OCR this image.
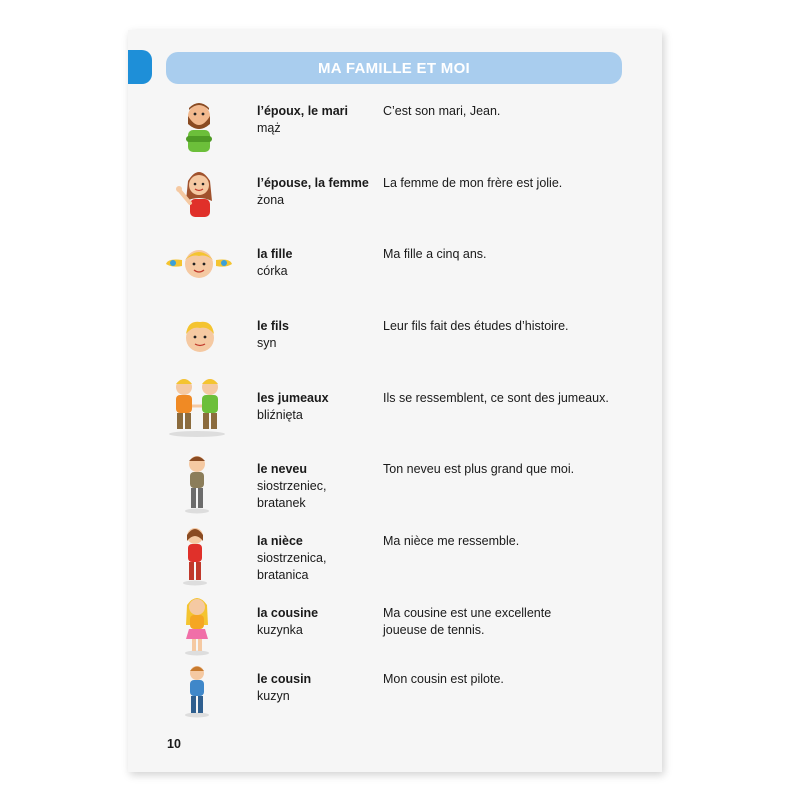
MA FAMILLE ET MOI
l’époux, le mari
mąż
C’est son mari, Jean.
l’épouse, la femme
żona
La femme de mon frère est jolie.
la fille
córka
Ma fille a cinq ans.
le fils
syn
Leur fils fait des études d’histoire.
les jumeaux
bliźnięta
Ils se ressemblent, ce sont des jumeaux.
le neveu
siostrzeniec,
bratanek
Ton neveu est plus grand que moi.
la nièce
siostrzenica,
bratanica
Ma nièce me ressemble.
la cousine
kuzynka
Ma cousine est une excellente
joueuse de tennis.
le cousin
kuzyn
Mon cousin est pilote.
10
